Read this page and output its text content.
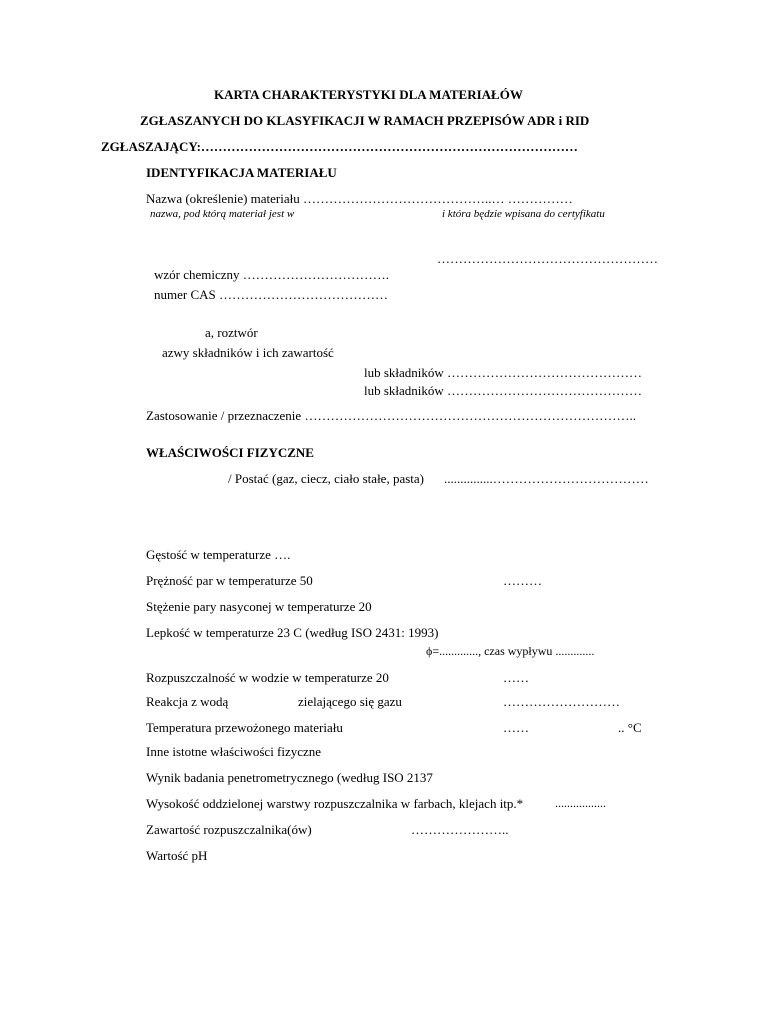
KARTA CHARAKTERYSTYKI DLA MATERIAŁÓW
ZGŁASZANYCH DO KLASYFIKACJI W RAMACH PRZEPISÓW ADR i RID
ZGŁASZAJĄCY:……………………………………………………………………………
IDENTYFIKACJA MATERIAŁU
Nazwa (określenie) materiału ……………………………………..… ……………
nazwa, pod którą materiał jest w	i która będzie wpisana do certyfikatu
……………………………………………
wzór chemiczny …………………………….
numer CAS …………………………………
a, roztwór
azwy składników i ich zawartość
lub składników ………………………………………
lub składników ………………………………………
Zastosowanie / przeznaczenie …………………………………………………………………..
WŁAŚCIWOŚCI FIZYCZNE
/ Postać (gaz, ciecz, ciało stałe, pasta) ...............………………………………
Gęstość w temperaturze ….
Prężność par w temperaturze 50	………
Stężenie pary nasyconej w temperaturze 20
Lepkość w temperaturze 23 C (według ISO 2431: 1993)
ϕ=............., czas wypływu .............
Rozpuszczalność w wodzie w temperaturze 20	……
Reakcja z wodą	zielającego się gazu	………………………
Temperatura przewożonego materiału	……	.. °C
Inne istotne właściwości fizyczne
Wynik badania penetrometrycznego (według ISO 2137
Wysokość oddzielonej warstwy rozpuszczalnika w farbach, klejach itp.*	.................
Zawartość rozpuszczalnika(ów)	…………………..
Wartość pH
